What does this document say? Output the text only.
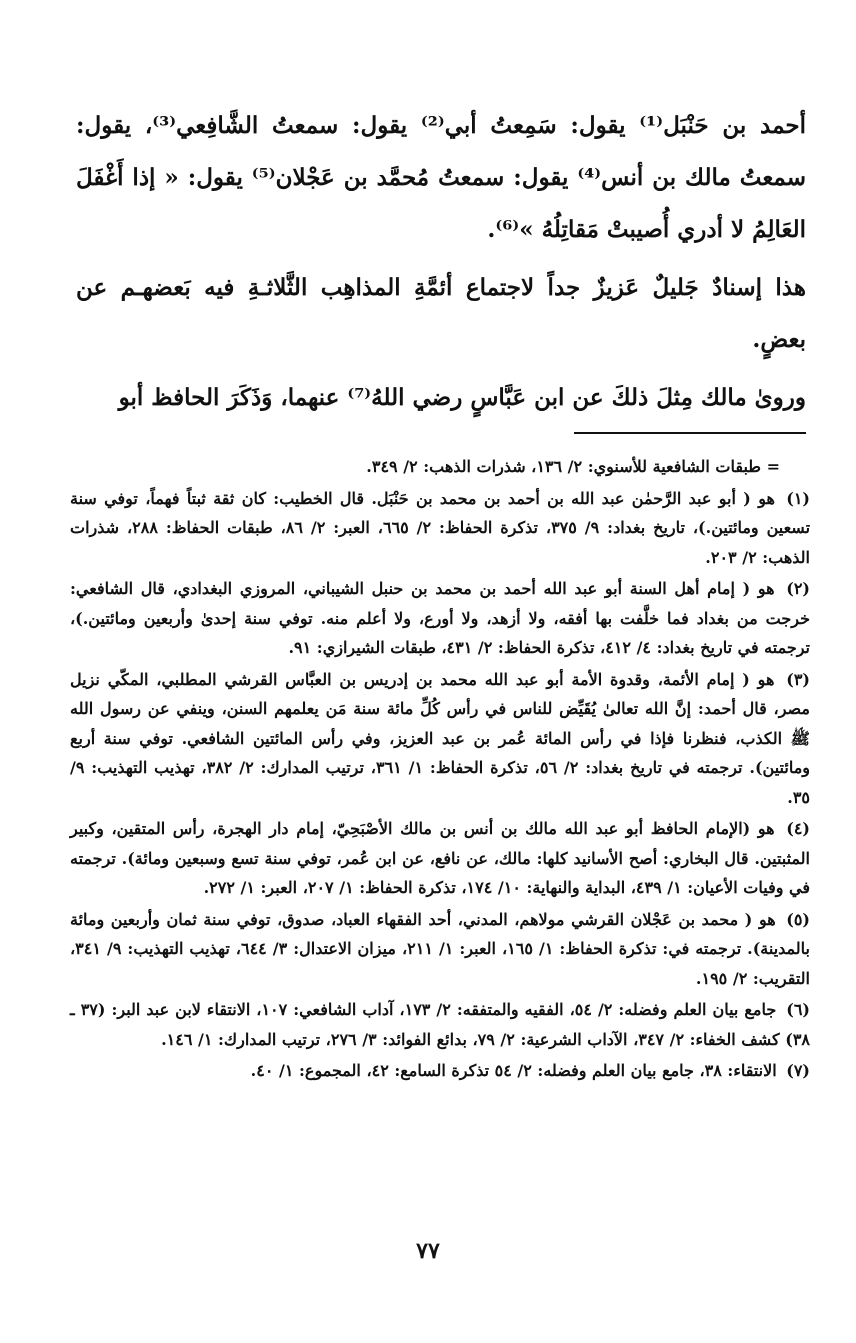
أحمد بن حَنْبَل⁽¹⁾ يقول: سَمِعتُ أبي⁽²⁾ يقول: سمعتُ الشَّافِعي⁽³⁾، يقول: سمعتُ مالك بن أنس⁽⁴⁾ يقول: سمعتُ مُحمَّد بن عَجْلان⁽⁵⁾ يقول: « إذا أَغْفَلَ العَالِمُ لا أدري أُصيبتْ مَقاتِلُهُ »⁽⁶⁾.

هذا إسنادٌ جَليلٌ عَزيزٌ جداً لاجتماع أئمَّةِ المذاهِب الثَّلاثـةِ فيه بَعضهـم عن بعضٍ.

وروىٰ مالك مِثلَ ذلكَ عن ابن عَبَّاسٍ رضي اللهُ⁽⁷⁾ عنهما، وَذَكَرَ الحافظ أبو

= طبقات الشافعية للأسنوي: ٢/ ١٣٦، شذرات الذهب: ٢/ ٣٤٩.

(١) هو ( أبو عبد الرَّحمٰن عبد الله بن أحمد بن محمد بن حَنْبَل. قال الخطيب: كان ثقة ثبتاً فهماً، توفي سنة تسعين ومائتين.)، تاريخ بغداد: ٩/ ٣٧٥، تذكرة الحفاظ: ٢/ ٦٦٥، العبر: ٢/ ٨٦، طبقات الحفاظ: ٢٨٨، شذرات الذهب: ٢/ ٢٠٣.

(٢) هو ( إمام أهل السنة أبو عبد الله أحمد بن محمد بن حنبل الشيباني، المروزي البغدادي، قال الشافعي: خرجت من بغداد فما خلَّفت بها أفقه، ولا أزهد، ولا أورع، ولا أعلم منه. توفي سنة إحدىٰ وأربعين ومائتين.)، ترجمته في تاريخ بغداد: ٤/ ٤١٢، تذكرة الحفاظ: ٢/ ٤٣١، طبقات الشيرازي: ٩١.

(٣) هو ( إمام الأئمة، وقدوة الأمة أبو عبد الله محمد بن إدريس بن العبَّاس القرشي المطلبي، المكّي نزيل مصر، قال أحمد: إنَّ الله تعالىٰ يُقَيِّض للناس في رأس كُلِّ مائة سنة مَن يعلمهم السنن، وينفي عن رسول الله ﷺ الكذب، فنظرنا فإذا في رأس المائة عُمر بن عبد العزيز، وفي رأس المائتين الشافعي. توفي سنة أربع ومائتين). ترجمته في تاريخ بغداد: ٢/ ٥٦، تذكرة الحفاظ: ١/ ٣٦١، ترتيب المدارك: ٢/ ٣٨٢، تهذيب التهذيب: ٩/ ٣٥.

(٤) هو (الإمام الحافظ أبو عبد الله مالك بن أنس بن مالك الأصْبَحِيّ، إمام دار الهجرة، رأس المتقين، وكبير المثبتين. قال البخاري: أصح الأسانيد كلها: مالك، عن نافع، عن ابن عُمر، توفي سنة تسع وسبعين ومائة). ترجمته في وفيات الأعيان: ١/ ٤٣٩، البداية والنهاية: ١٠/ ١٧٤، تذكرة الحفاظ: ١/ ٢٠٧، العبر: ١/ ٢٧٢.

(٥) هو ( محمد بن عَجْلان القرشي مولاهم، المدني، أحد الفقهاء العباد، صدوق، توفي سنة ثمان وأربعين ومائة بالمدينة). ترجمته في: تذكرة الحفاظ: ١/ ١٦٥، العبر: ١/ ٢١١، ميزان الاعتدال: ٣/ ٦٤٤، تهذيب التهذيب: ٩/ ٣٤١، التقريب: ٢/ ١٩٥.

(٦) جامع بيان العلم وفضله: ٢/ ٥٤، الفقيه والمتفقه: ٢/ ١٧٣، آداب الشافعي: ١٠٧، الانتقاء لابن عبد البر: (٣٧ ـ ٣٨) كشف الخفاء: ٢/ ٣٤٧، الآداب الشرعية: ٢/ ٧٩، بدائع الفوائد: ٣/ ٢٧٦، ترتيب المدارك: ١/ ١٤٦.

(٧) الانتقاء: ٣٨، جامع بيان العلم وفضله: ٢/ ٥٤ تذكرة السامع: ٤٢، المجموع: ١/ ٤٠.

٧٧
